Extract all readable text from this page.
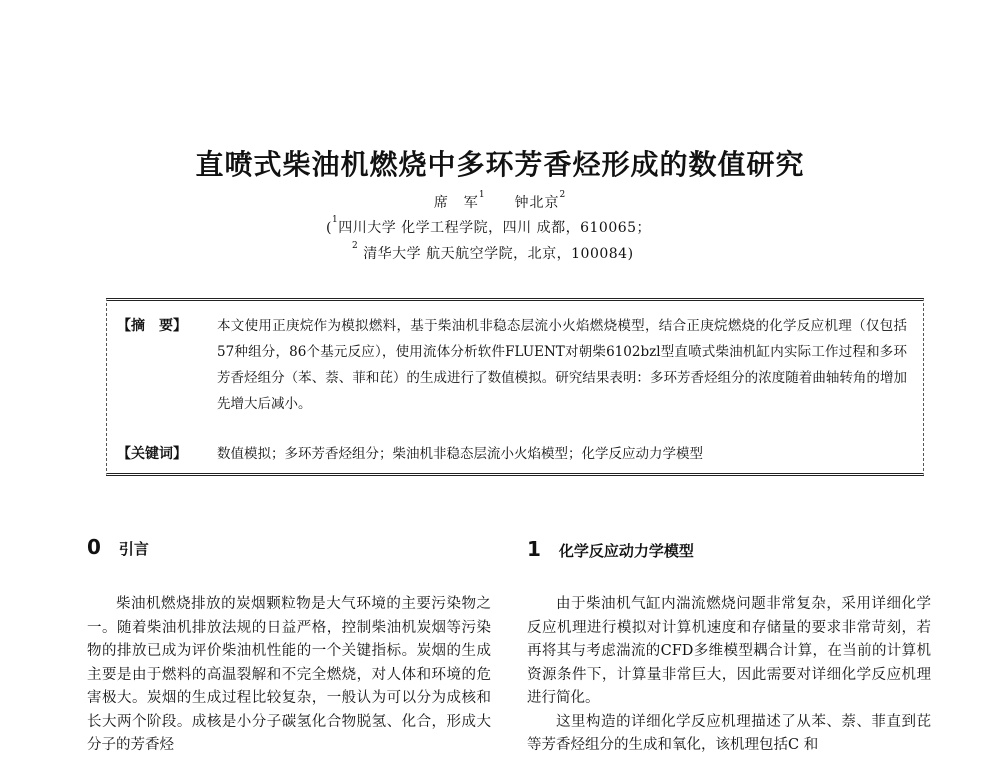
直喷式柴油机燃烧中多环芳香烃形成的数值研究
席　军$^1$ 钟北京$^2$
($^1$四川大学 化学工程学院，四川 成都，610065；
$^2$ 清华大学 航天航空学院，北京，100084)
【摘　要】	本文使用正庚烷作为模拟燃料，基于柴油机非稳态层流小火焰燃烧模型，结合正庚烷燃烧的化学反应机理（仅包括57种组分，86个基元反应），使用流体分析软件FLUENT对朝柴6102bzl型直喷式柴油机缸内实际工作过程和多环芳香烃组分（苯、萘、菲和芘）的生成进行了数值模拟。研究结果表明：多环芳香烃组分的浓度随着曲轴转角的增加先增大后减小。
【关键词】	数值模拟；多环芳香烃组分；柴油机非稳态层流小火焰模型；化学反应动力学模型
0 引言

柴油机燃烧排放的炭烟颗粒物是大气环境的主要污染物之一。随着柴油机排放法规的日益严格，控制柴油机炭烟等污染物的排放已成为评价柴油机性能的一个关键指标。炭烟的生成主要是由于燃料的高温裂解和不完全燃烧，对人体和环境的危害极大。炭烟的生成过程比较复杂，一般认为可以分为成核和长大两个阶段。成核是小分子碳氢化合物脱氢、化合，形成大分子的芳香烃

1 化学反应动力学模型

由于柴油机气缸内湍流燃烧问题非常复杂，采用详细化学反应机理进行模拟对计算机速度和存储量的要求非常苛刻，若再将其与考虑湍流的CFD多维模型耦合计算，在当前的计算机资源条件下，计算量非常巨大，因此需要对详细化学反应机理进行简化。

这里构造的详细化学反应机理描述了从苯、萘、菲直到芘等芳香烃组分的生成和氧化，该机理包括C 和
